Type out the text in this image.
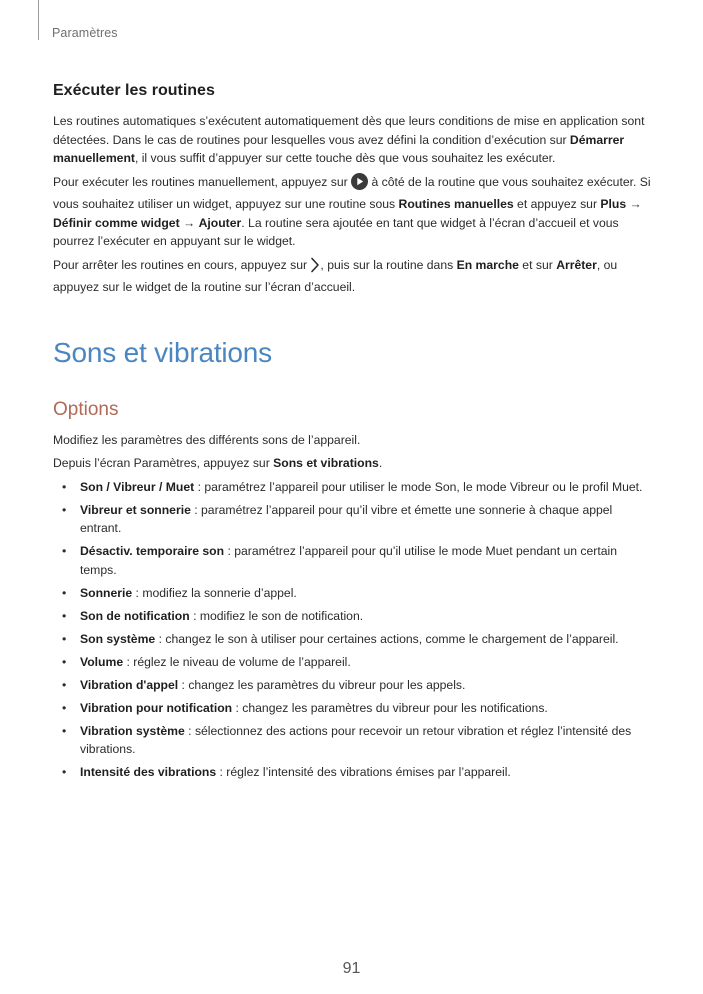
Paramètres
Exécuter les routines

Les routines automatiques s’exécutent automatiquement dès que leurs conditions de mise en application sont détectées. Dans le cas de routines pour lesquelles vous avez défini la condition d’exécution sur Démarrer manuellement, il vous suffit d’appuyer sur cette touche dès que vous souhaitez les exécuter.

Pour exécuter les routines manuellement, appuyez sur  à côté de la routine que vous souhaitez exécuter. Si vous souhaitez utiliser un widget, appuyez sur une routine sous Routines manuelles et appuyez sur Plus → Définir comme widget → Ajouter. La routine sera ajoutée en tant que widget à l’écran d’accueil et vous pourrez l’exécuter en appuyant sur le widget.

Pour arrêter les routines en cours, appuyez sur , puis sur la routine dans En marche et sur Arrêter, ou appuyez sur le widget de la routine sur l’écran d’accueil.

Sons et vibrations
Options

Modifiez les paramètres des différents sons de l’appareil.

Depuis l’écran Paramètres, appuyez sur Sons et vibrations.

• Son / Vibreur / Muet : paramétrez l’appareil pour utiliser le mode Son, le mode Vibreur ou le profil Muet.
• Vibreur et sonnerie : paramétrez l’appareil pour qu’il vibre et émette une sonnerie à chaque appel entrant.
• Désactiv. temporaire son : paramétrez l’appareil pour qu’il utilise le mode Muet pendant un certain temps.
• Sonnerie : modifiez la sonnerie d’appel.
• Son de notification : modifiez le son de notification.
• Son système : changez le son à utiliser pour certaines actions, comme le chargement de l’appareil.
• Volume : réglez le niveau de volume de l’appareil.
• Vibration d'appel : changez les paramètres du vibreur pour les appels.
• Vibration pour notification : changez les paramètres du vibreur pour les notifications.
• Vibration système : sélectionnez des actions pour recevoir un retour vibration et réglez l’intensité des vibrations.
• Intensité des vibrations : réglez l’intensité des vibrations émises par l’appareil.
91
